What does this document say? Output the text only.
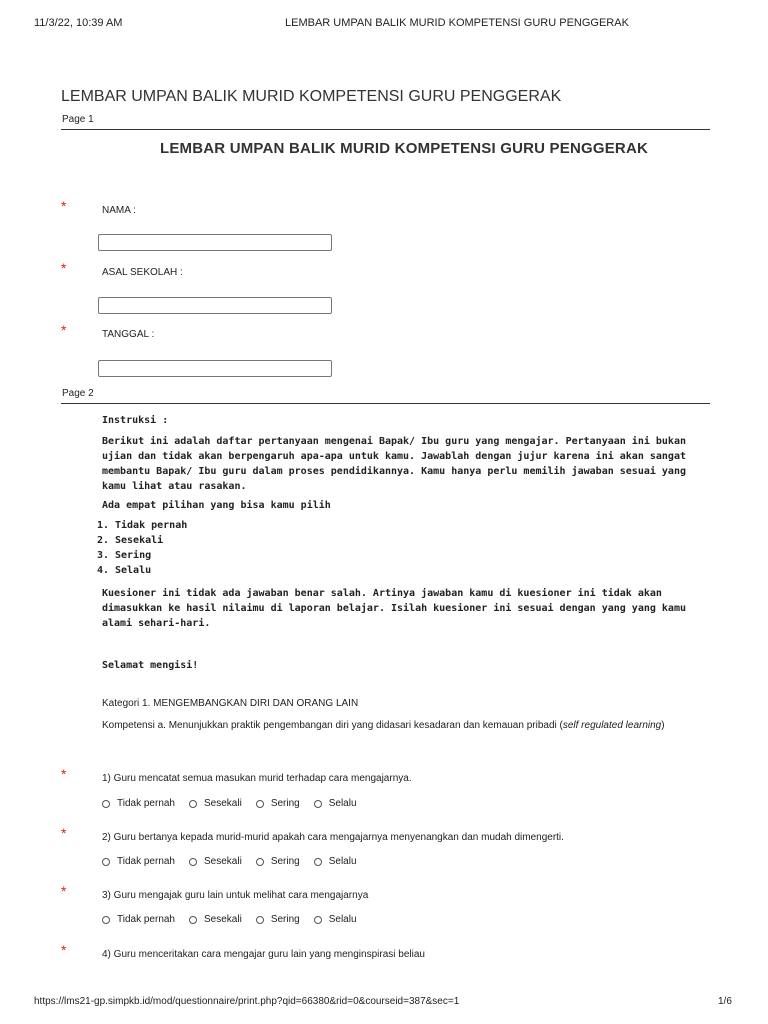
11/3/22, 10:39 AM	LEMBAR UMPAN BALIK MURID KOMPETENSI GURU PENGGERAK
LEMBAR UMPAN BALIK MURID KOMPETENSI GURU PENGGERAK
Page 1
LEMBAR UMPAN BALIK MURID KOMPETENSI GURU PENGGERAK
*	NAMA :
*	ASAL SEKOLAH :
*	TANGGAL :
Page 2
Instruksi :
Berikut ini adalah daftar pertanyaan mengenai Bapak/ Ibu guru yang mengajar. Pertanyaan ini bukan ujian dan tidak akan berpengaruh apa-apa untuk kamu. Jawablah dengan jujur karena ini akan sangat membantu Bapak/ Ibu guru dalam proses pendidikannya. Kamu hanya perlu memilih jawaban sesuai yang kamu lihat atau rasakan.
Ada empat pilihan yang bisa kamu pilih
1. Tidak pernah
2. Sesekali
3. Sering
4. Selalu
Kuesioner ini tidak ada jawaban benar salah. Artinya jawaban kamu di kuesioner ini tidak akan dimasukkan ke hasil nilaimu di laporan belajar. Isilah kuesioner ini sesuai dengan yang yang kamu alami sehari-hari.
Selamat mengisi!
Kategori 1. MENGEMBANGKAN DIRI DAN ORANG LAIN
Kompetensi a. Menunjukkan praktik pengembangan diri yang didasari kesadaran dan kemauan pribadi (self regulated learning)
*	1) Guru mencatat semua masukan murid terhadap cara mengajarnya.
Tidak pernah	Sesekali	Sering	Selalu
*	2) Guru bertanya kepada murid-murid apakah cara mengajarnya menyenangkan dan mudah dimengerti.
Tidak pernah	Sesekali	Sering	Selalu
*	3) Guru mengajak guru lain untuk melihat cara mengajarnya
Tidak pernah	Sesekali	Sering	Selalu
*	4) Guru menceritakan cara mengajar guru lain yang menginspirasi beliau
https://lms21-gp.simpkb.id/mod/questionnaire/print.php?qid=66380&rid=0&courseid=387&sec=1	1/6
